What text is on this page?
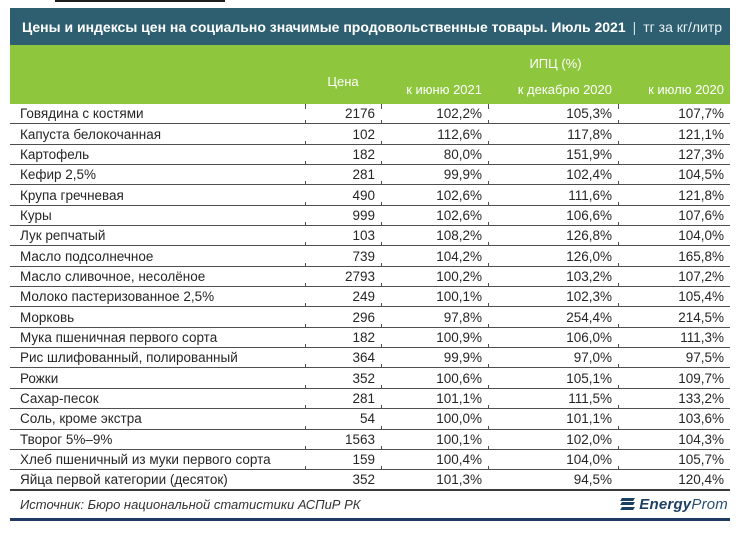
Цены и индексы цен на социально значимые продовольственные товары. Июль 2021 | тг за кг/литр
	Цена	ИПЦ (%)		
		к июню 2021	к декабрю 2020	к июлю 2020
Говядина с костями	2176	102,2%	105,3%	107,7%
Капуста белокочанная	102	112,6%	117,8%	121,1%
Картофель	182	80,0%	151,9%	127,3%
Кефир 2,5%	281	99,9%	102,4%	104,5%
Крупа гречневая	490	102,6%	111,6%	121,8%
Куры	999	102,6%	106,6%	107,6%
Лук репчатый	103	108,2%	126,8%	104,0%
Масло подсолнечное	739	104,2%	126,0%	165,8%
Масло сливочное, несолёное	2793	100,2%	103,2%	107,2%
Молоко пастеризованное 2,5%	249	100,1%	102,3%	105,4%
Морковь	296	97,8%	254,4%	214,5%
Мука пшеничная первого сорта	182	100,9%	106,0%	111,3%
Рис шлифованный, полированный	364	99,9%	97,0%	97,5%
Рожки	352	100,6%	105,1%	109,7%
Сахар-песок	281	101,1%	111,5%	133,2%
Соль, кроме экстра	54	100,0%	101,1%	103,6%
Творог 5%–9%	1563	100,1%	102,0%	104,3%
Хлеб пшеничный из муки первого сорта	159	100,4%	104,0%	105,7%
Яйца первой категории (десяток)	352	101,3%	94,5%	120,4%
Источник: Бюро национальной статистики АСПиР РК	EnergyProm
